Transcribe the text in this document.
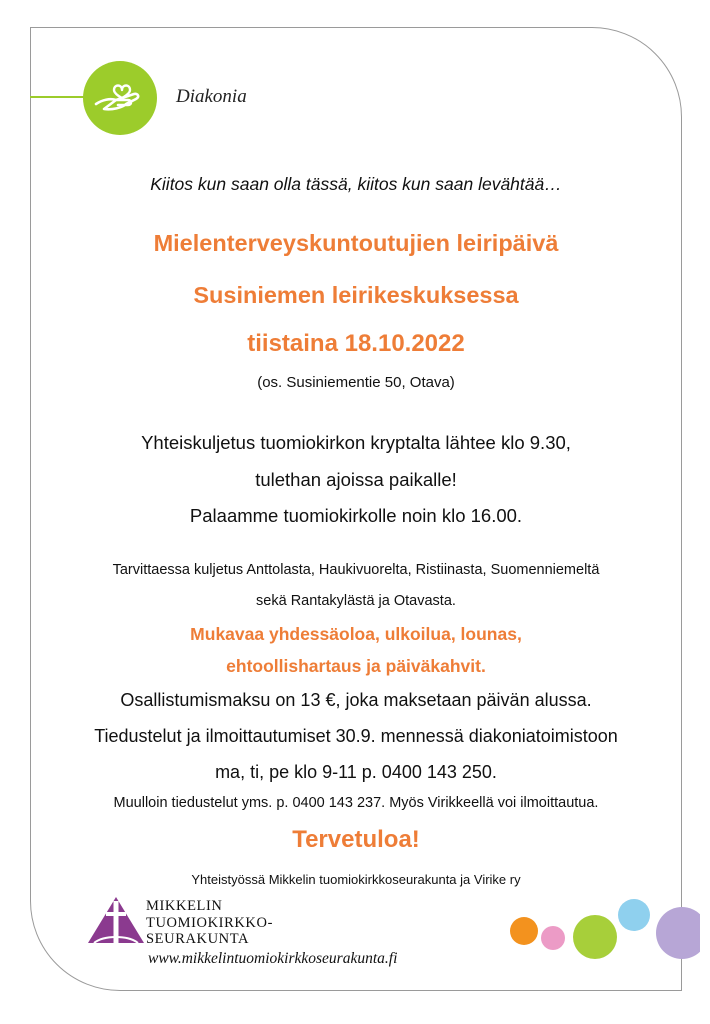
Diakonia
Kiitos kun saan olla tässä, kiitos kun saan levähtää…
Mielenterveyskuntoutujien leiripäivä
Susiniemen leirikeskuksessa
tiistaina 18.10.2022
(os. Susiniementie 50, Otava)
Yhteiskuljetus tuomiokirkon kryptalta lähtee klo 9.30,
tulethan ajoissa paikalle!
Palaamme tuomiokirkolle noin klo 16.00.
Tarvittaessa kuljetus Anttolasta, Haukivuorelta, Ristiinasta, Suomenniemeltä
sekä Rantakylästä ja Otavasta.
Mukavaa yhdessäoloa, ulkoilua, lounas,
ehtoollishartaus ja päiväkahvit.
Osallistumismaksu on 13 €, joka maksetaan päivän alussa.
Tiedustelut ja ilmoittautumiset 30.9. mennessä diakoniatoimistoon
ma, ti, pe klo 9-11 p. 0400 143 250.
Muulloin tiedustelut yms. p. 0400 143 237. Myös Virikkeellä voi ilmoittautua.
Tervetuloa!
Yhteistyössä Mikkelin tuomiokirkkoseurakunta ja Virike ry
MIKKELIN
TUOMIOKIRKKO-
SEURAKUNTA
www.mikkelintuomiokirkkoseurakunta.fi
